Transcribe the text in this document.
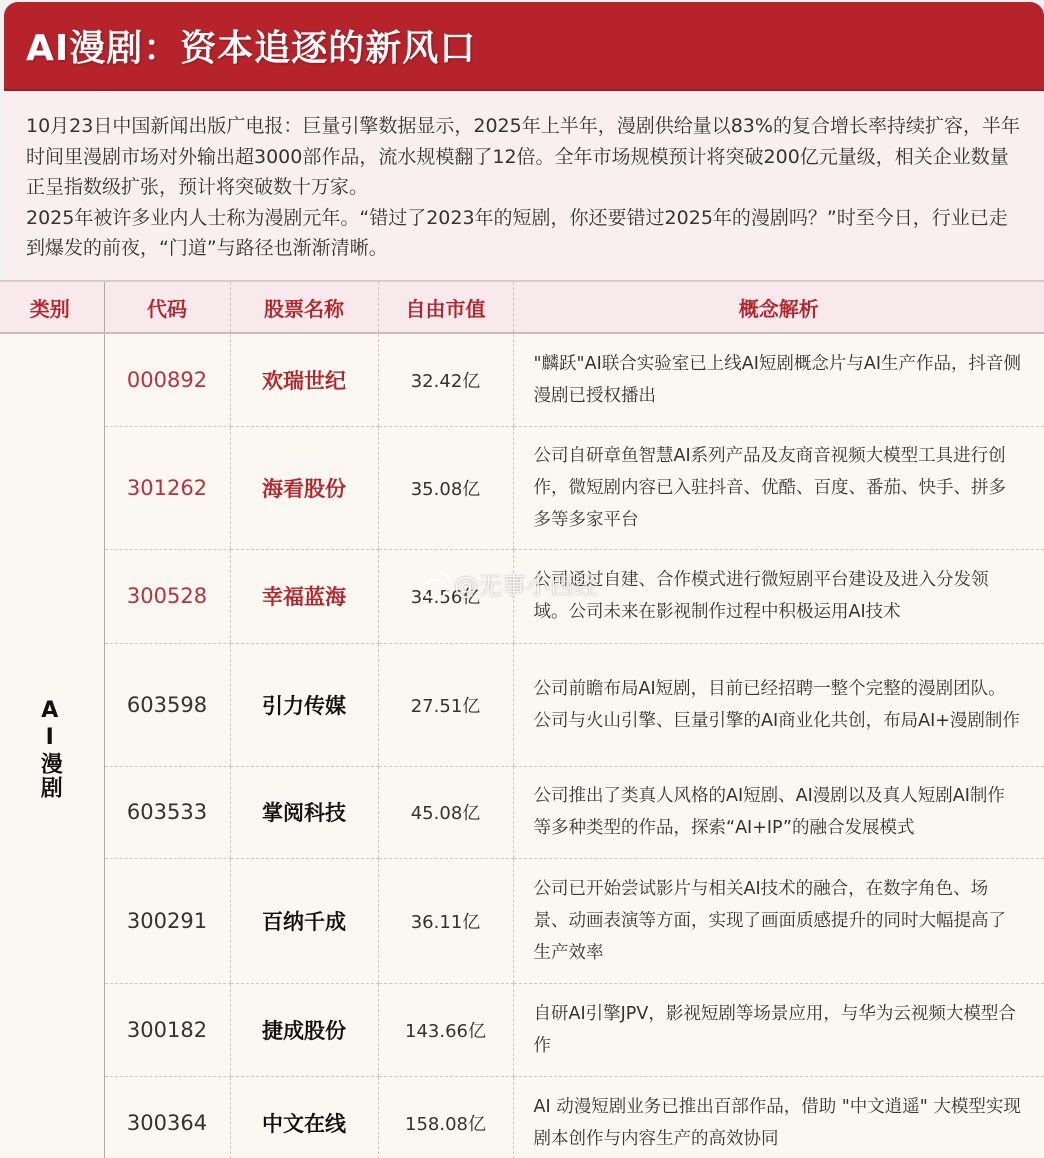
AI漫剧：资本追逐的新风口

10月23日中国新闻出版广电报：巨量引擎数据显示，2025年上半年，漫剧供给量以83%的复合增长率持续扩容，半年时间里漫剧市场对外输出超3000部作品，流水规模翻了12倍。全年市场规模预计将突破200亿元量级，相关企业数量正呈指数级扩张，预计将突破数十万家。

2025年被许多业内人士称为漫剧元年。“错过了2023年的短剧，你还要错过2025年的漫剧吗？”时至今日，行业已走到爆发的前夜，“门道”与路径也渐渐清晰。

类别	代码	股票名称	自由市值	概念解析
AI漫剧	000892	欢瑞世纪	32.42亿	"麟跃"AI联合实验室已上线AI短剧概念片与AI生产作品，抖音侧漫剧已授权播出
	301262	海看股份	35.08亿	公司自研章鱼智慧AI系列产品及友商音视频大模型工具进行创作，微短剧内容已入驻抖音、优酷、百度、番茄、快手、拼多多等多家平台
	300528	幸福蓝海	34.56亿	公司通过自建、合作模式进行微短剧平台建设及进入分发领域。公司未来在影视制作过程中积极运用AI技术
	603598	引力传媒	27.51亿	公司前瞻布局AI短剧，目前已经招聘一整个完整的漫剧团队。公司与火山引擎、巨量引擎的AI商业化共创，布局AI+漫剧制作
	603533	掌阅科技	45.08亿	公司推出了类真人风格的AI短剧、AI漫剧以及真人短剧AI制作等多种类型的作品，探索“AI+IP”的融合发展模式
	300291	百纳千成	36.11亿	公司已开始尝试影片与相关AI技术的融合，在数字角色、场景、动画表演等方面，实现了画面质感提升的同时大幅提高了生产效率
	300182	捷成股份	143.66亿	自研AI引擎JPV，影视短剧等场景应用，与华为云视频大模型合作
	300364	中文在线	158.08亿	AI 动漫短剧业务已推出百部作品，借助 "中文逍遥" 大模型实现剧本创作与内容生产的高效协同
@无事小西经
